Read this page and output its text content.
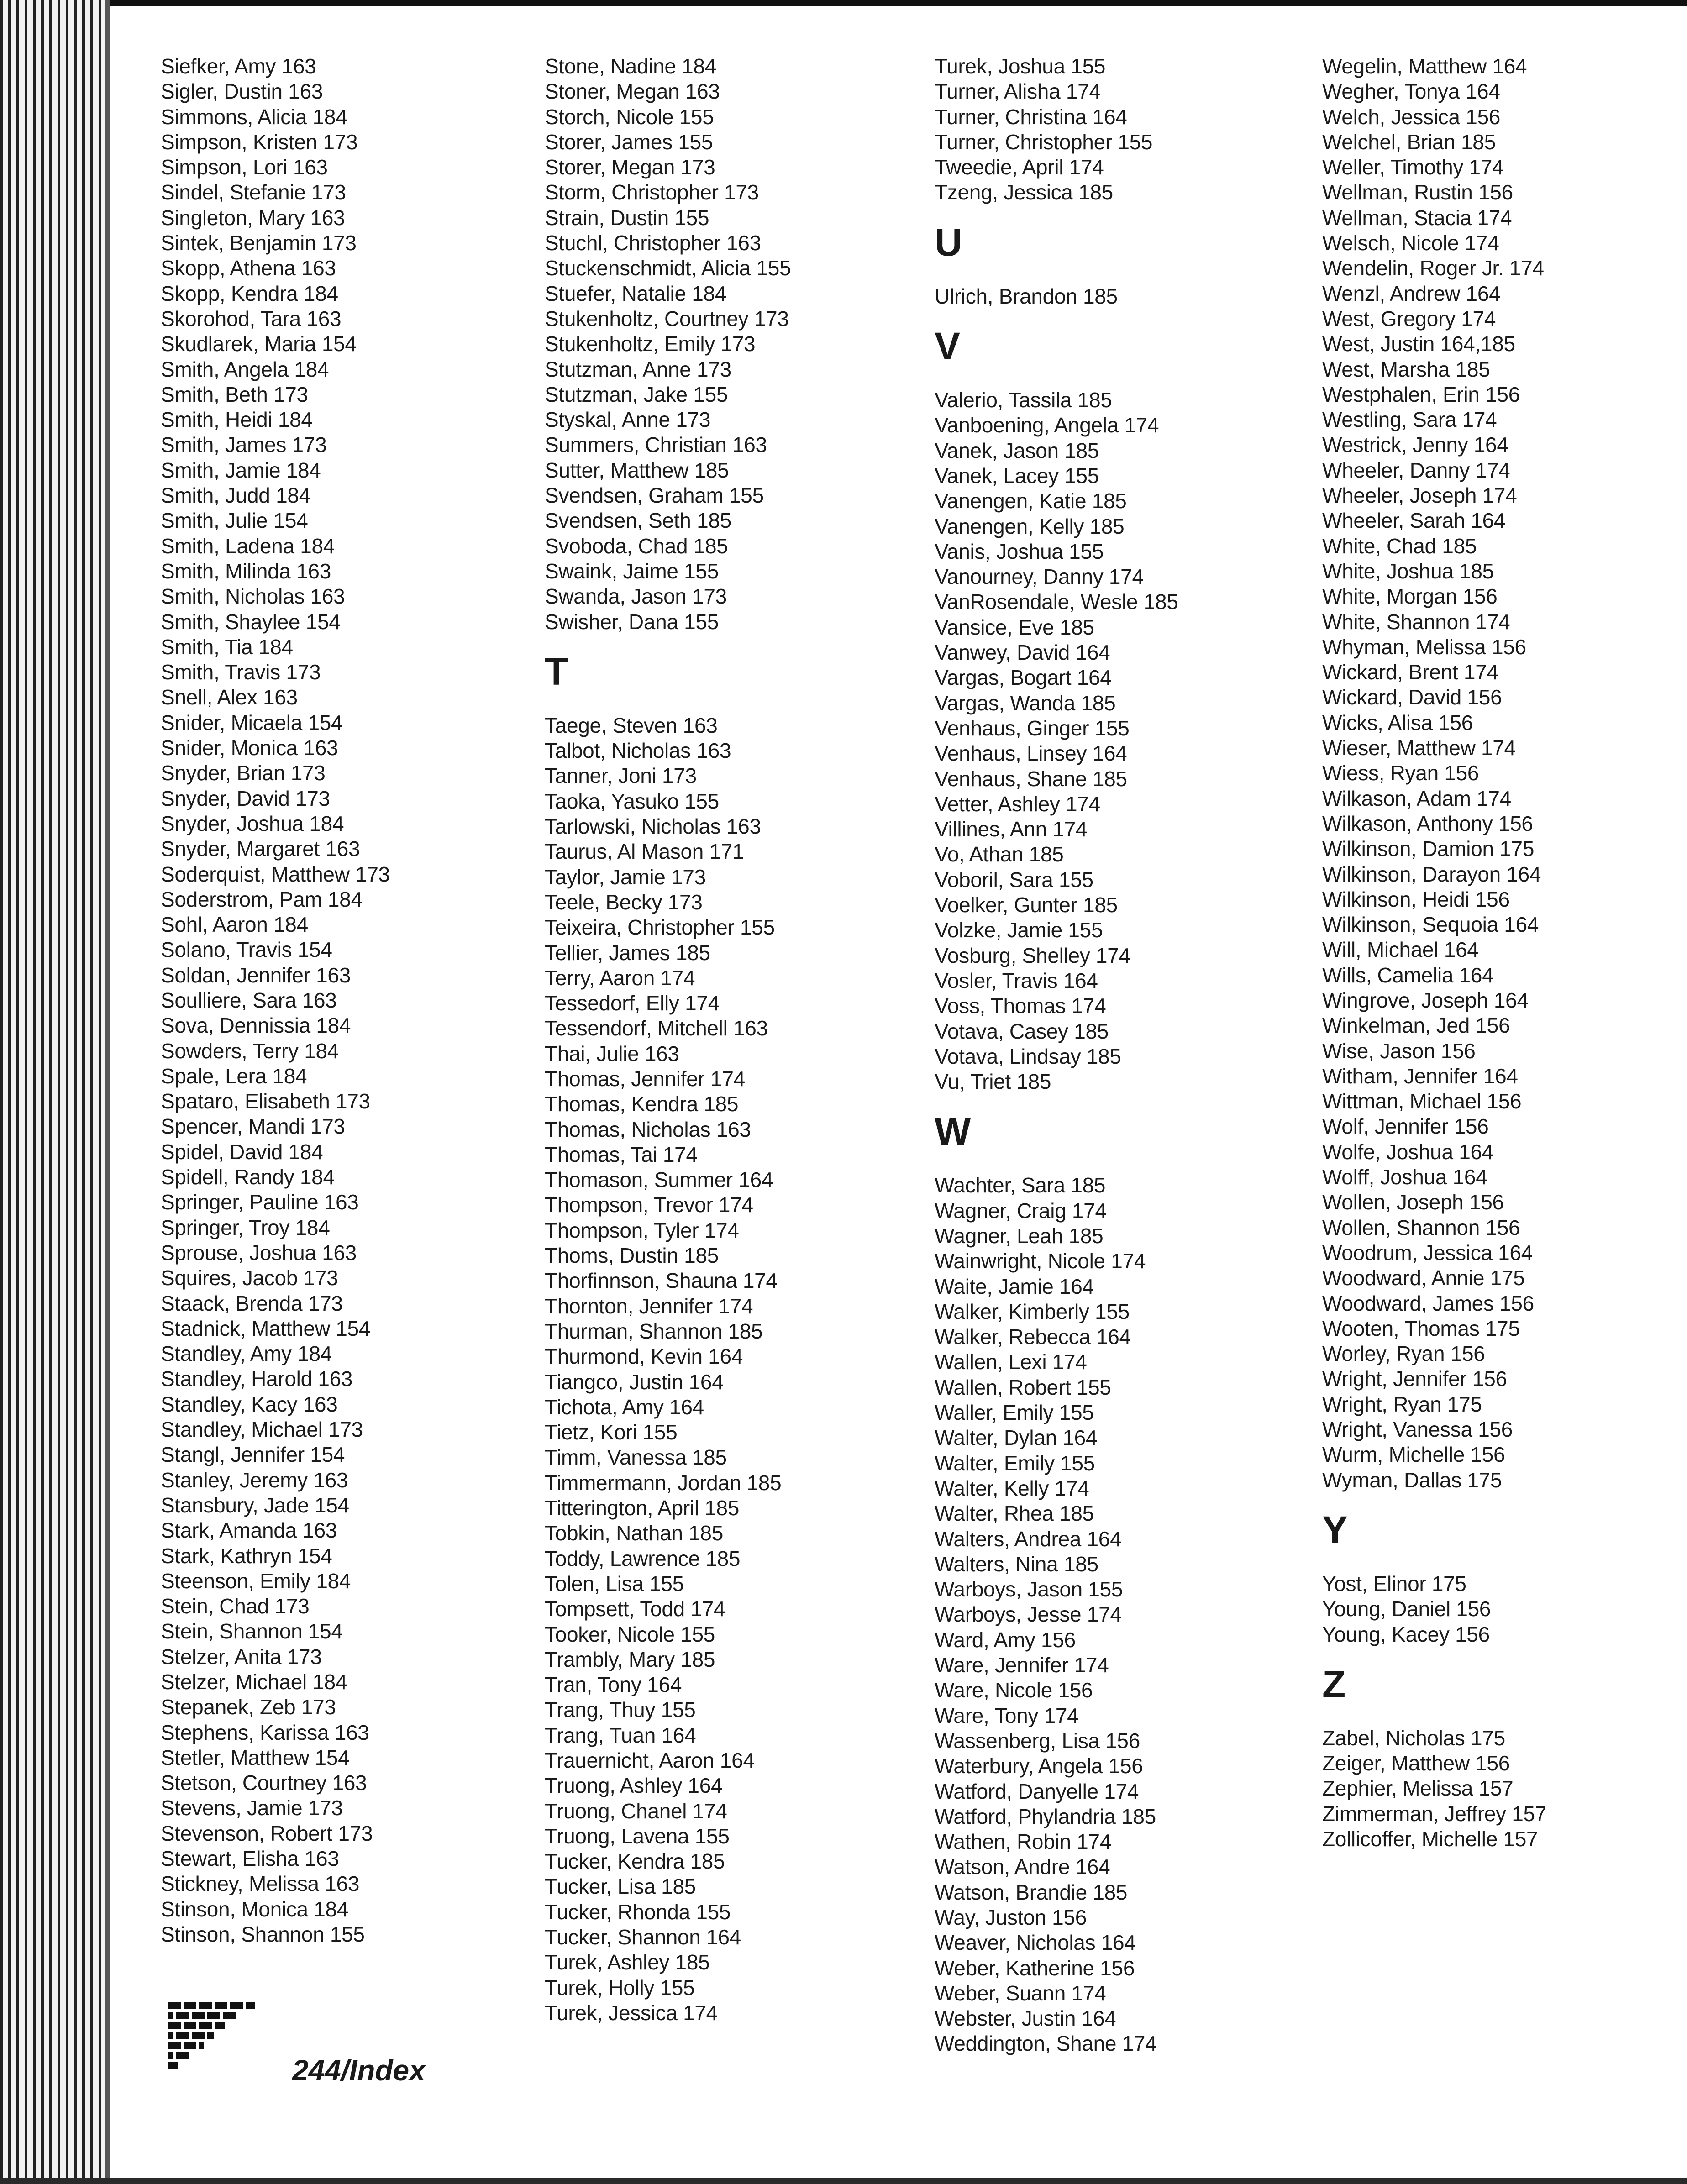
Siefker, Amy 163
Sigler, Dustin 163
Simmons, Alicia 184
Simpson, Kristen 173
Simpson, Lori 163
Sindel, Stefanie 173
Singleton, Mary 163
Sintek, Benjamin 173
Skopp, Athena 163
Skopp, Kendra 184
Skorohod, Tara 163
Skudlarek, Maria 154
Smith, Angela 184
Smith, Beth 173
Smith, Heidi 184
Smith, James 173
Smith, Jamie 184
Smith, Judd 184
Smith, Julie 154
Smith, Ladena 184
Smith, Milinda 163
Smith, Nicholas 163
Smith, Shaylee 154
Smith, Tia 184
Smith, Travis 173
Snell, Alex 163
Snider, Micaela 154
Snider, Monica 163
Snyder, Brian 173
Snyder, David 173
Snyder, Joshua 184
Snyder, Margaret 163
Soderquist, Matthew 173
Soderstrom, Pam 184
Sohl, Aaron 184
Solano, Travis 154
Soldan, Jennifer 163
Soulliere, Sara 163
Sova, Dennissia 184
Sowders, Terry 184
Spale, Lera 184
Spataro, Elisabeth 173
Spencer, Mandi 173
Spidel, David 184
Spidell, Randy 184
Springer, Pauline 163
Springer, Troy 184
Sprouse, Joshua 163
Squires, Jacob 173
Staack, Brenda 173
Stadnick, Matthew 154
Standley, Amy 184
Standley, Harold 163
Standley, Kacy 163
Standley, Michael 173
Stangl, Jennifer 154
Stanley, Jeremy 163
Stansbury, Jade 154
Stark, Amanda 163
Stark, Kathryn 154
Steenson, Emily 184
Stein, Chad 173
Stein, Shannon 154
Stelzer, Anita 173
Stelzer, Michael 184
Stepanek, Zeb 173
Stephens, Karissa 163
Stetler, Matthew 154
Stetson, Courtney 163
Stevens, Jamie 173
Stevenson, Robert 173
Stewart, Elisha 163
Stickney, Melissa 163
Stinson, Monica 184
Stinson, Shannon 155
Stone, Nadine 184
Stoner, Megan 163
Storch, Nicole 155
Storer, James 155
Storer, Megan 173
Storm, Christopher 173
Strain, Dustin 155
Stuchl, Christopher 163
Stuckenschmidt, Alicia 155
Stuefer, Natalie 184
Stukenholtz, Courtney 173
Stukenholtz, Emily 173
Stutzman, Anne 173
Stutzman, Jake 155
Styskal, Anne 173
Summers, Christian 163
Sutter, Matthew 185
Svendsen, Graham 155
Svendsen, Seth 185
Svoboda, Chad 185
Swaink, Jaime 155
Swanda, Jason 173
Swisher, Dana 155
T
Taege, Steven 163
Talbot, Nicholas 163
Tanner, Joni 173
Taoka, Yasuko 155
Tarlowski, Nicholas 163
Taurus, Al Mason 171
Taylor, Jamie 173
Teele, Becky 173
Teixeira, Christopher 155
Tellier, James 185
Terry, Aaron 174
Tessedorf, Elly 174
Tessendorf, Mitchell 163
Thai, Julie 163
Thomas, Jennifer 174
Thomas, Kendra 185
Thomas, Nicholas 163
Thomas, Tai 174
Thomason, Summer 164
Thompson, Trevor 174
Thompson, Tyler 174
Thoms, Dustin 185
Thorfinnson, Shauna 174
Thornton, Jennifer 174
Thurman, Shannon 185
Thurmond, Kevin 164
Tiangco, Justin 164
Tichota, Amy 164
Tietz, Kori 155
Timm, Vanessa 185
Timmermann, Jordan 185
Titterington, April 185
Tobkin, Nathan 185
Toddy, Lawrence 185
Tolen, Lisa 155
Tompsett, Todd 174
Tooker, Nicole 155
Trambly, Mary 185
Tran, Tony 164
Trang, Thuy 155
Trang, Tuan 164
Trauernicht, Aaron 164
Truong, Ashley 164
Truong, Chanel 174
Truong, Lavena 155
Tucker, Kendra 185
Tucker, Lisa 185
Tucker, Rhonda 155
Tucker, Shannon 164
Turek, Ashley 185
Turek, Holly 155
Turek, Jessica 174
Turek, Joshua 155
Turner, Alisha 174
Turner, Christina 164
Turner, Christopher 155
Tweedie, April 174
Tzeng, Jessica 185
U
Ulrich, Brandon 185
V
Valerio, Tassila 185
Vanboening, Angela 174
Vanek, Jason 185
Vanek, Lacey 155
Vanengen, Katie 185
Vanengen, Kelly 185
Vanis, Joshua 155
Vanourney, Danny 174
VanRosendale, Wesle 185
Vansice, Eve 185
Vanwey, David 164
Vargas, Bogart 164
Vargas, Wanda 185
Venhaus, Ginger 155
Venhaus, Linsey 164
Venhaus, Shane 185
Vetter, Ashley 174
Villines, Ann 174
Vo, Athan 185
Voboril, Sara 155
Voelker, Gunter 185
Volzke, Jamie 155
Vosburg, Shelley 174
Vosler, Travis 164
Voss, Thomas 174
Votava, Casey 185
Votava, Lindsay 185
Vu, Triet 185
W
Wachter, Sara 185
Wagner, Craig 174
Wagner, Leah 185
Wainwright, Nicole 174
Waite, Jamie 164
Walker, Kimberly 155
Walker, Rebecca 164
Wallen, Lexi 174
Wallen, Robert 155
Waller, Emily 155
Walter, Dylan 164
Walter, Emily 155
Walter, Kelly 174
Walter, Rhea 185
Walters, Andrea 164
Walters, Nina 185
Warboys, Jason 155
Warboys, Jesse 174
Ward, Amy 156
Ware, Jennifer 174
Ware, Nicole 156
Ware, Tony 174
Wassenberg, Lisa 156
Waterbury, Angela 156
Watford, Danyelle 174
Watford, Phylandria 185
Wathen, Robin 174
Watson, Andre 164
Watson, Brandie 185
Way, Juston 156
Weaver, Nicholas 164
Weber, Katherine 156
Weber, Suann 174
Webster, Justin 164
Weddington, Shane 174
Wegelin, Matthew 164
Wegher, Tonya 164
Welch, Jessica 156
Welchel, Brian 185
Weller, Timothy 174
Wellman, Rustin 156
Wellman, Stacia 174
Welsch, Nicole 174
Wendelin, Roger Jr. 174
Wenzl, Andrew 164
West, Gregory 174
West, Justin 164,185
West, Marsha 185
Westphalen, Erin 156
Westling, Sara 174
Westrick, Jenny 164
Wheeler, Danny 174
Wheeler, Joseph 174
Wheeler, Sarah 164
White, Chad 185
White, Joshua 185
White, Morgan 156
White, Shannon 174
Whyman, Melissa 156
Wickard, Brent 174
Wickard, David 156
Wicks, Alisa 156
Wieser, Matthew 174
Wiess, Ryan 156
Wilkason, Adam 174
Wilkason, Anthony 156
Wilkinson, Damion 175
Wilkinson, Darayon 164
Wilkinson, Heidi 156
Wilkinson, Sequoia 164
Will, Michael 164
Wills, Camelia 164
Wingrove, Joseph 164
Winkelman, Jed 156
Wise, Jason 156
Witham, Jennifer 164
Wittman, Michael 156
Wolf, Jennifer 156
Wolfe, Joshua 164
Wolff, Joshua 164
Wollen, Joseph 156
Wollen, Shannon 156
Woodrum, Jessica 164
Woodward, Annie 175
Woodward, James 156
Wooten, Thomas 175
Worley, Ryan 156
Wright, Jennifer 156
Wright, Ryan 175
Wright, Vanessa 156
Wurm, Michelle 156
Wyman, Dallas 175
Y
Yost, Elinor 175
Young, Daniel 156
Young, Kacey 156
Z
Zabel, Nicholas 175
Zeiger, Matthew 156
Zephier, Melissa 157
Zimmerman, Jeffrey 157
Zollicoffer, Michelle 157
244/Index
